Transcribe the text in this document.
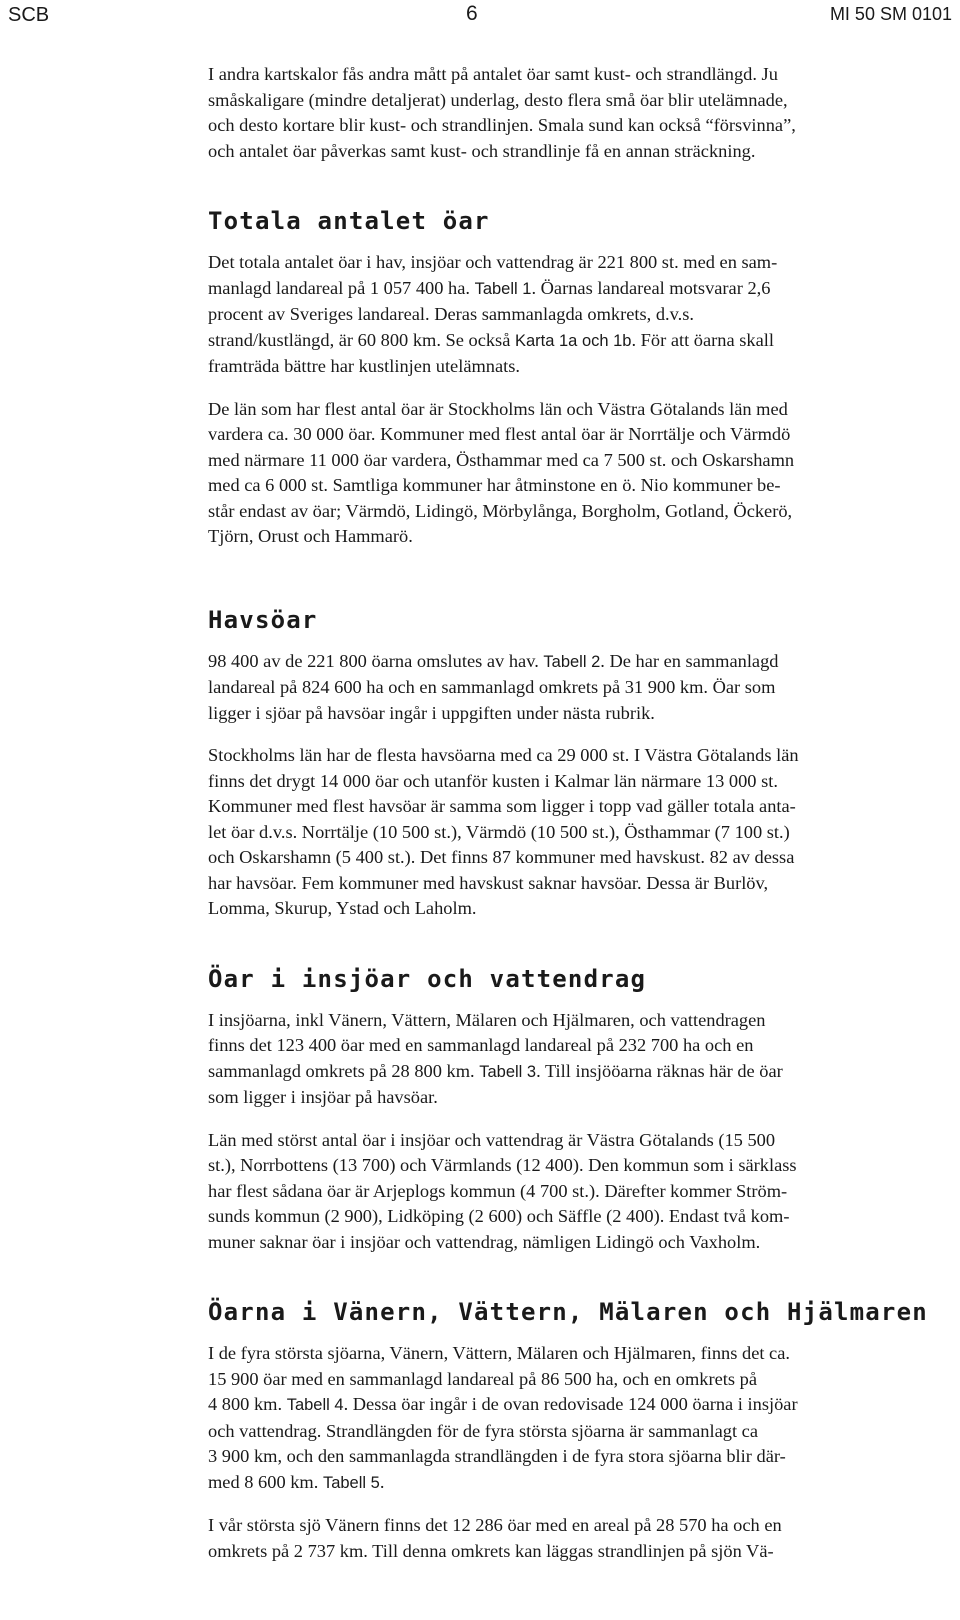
SCB	6	MI 50 SM 0101

I andra kartskalor fås andra mått på antalet öar samt kust- och strandlängd. Ju

småskaligare (mindre detaljerat) underlag, desto flera små öar blir utelämnade,

och desto kortare blir kust- och strandlinjen. Smala sund kan också “försvinna”,

och antalet öar påverkas samt kust- och strandlinje få en annan sträckning.

Totala antalet öar

Det totala antalet öar i hav, insjöar och vattendrag är 221 800 st. med en sam-

manlagd landareal på 1 057 400 ha. Tabell 1. Öarnas landareal motsvarar 2,6

procent av Sveriges landareal. Deras sammanlagda omkrets, d.v.s.

strand/kustlängd, är 60 800 km. Se också Karta 1a och 1b. För att öarna skall

framträda bättre har kustlinjen utelämnats.

De län som har flest antal öar är Stockholms län och Västra Götalands län med

vardera ca. 30 000 öar. Kommuner med flest antal öar är Norrtälje och Värmdö

med närmare 11 000 öar vardera, Östhammar med ca 7 500 st. och Oskarshamn

med ca 6 000 st. Samtliga kommuner har åtminstone en ö. Nio kommuner be-

står endast av öar; Värmdö, Lidingö, Mörbylånga, Borgholm, Gotland, Öckerö,

Tjörn, Orust och Hammarö.

Havsöar

98 400 av de 221 800 öarna omslutes av hav. Tabell 2. De har en sammanlagd

landareal på 824 600 ha och en sammanlagd omkrets på 31 900 km. Öar som

ligger i sjöar på havsöar ingår i uppgiften under nästa rubrik.

Stockholms län har de flesta havsöarna med ca 29 000 st. I Västra Götalands län

finns det drygt 14 000 öar och utanför kusten i Kalmar län närmare 13 000 st.

Kommuner med flest havsöar är samma som ligger i topp vad gäller totala anta-

let öar d.v.s. Norrtälje (10 500 st.), Värmdö (10 500 st.), Östhammar (7 100 st.)

och Oskarshamn (5 400 st.). Det finns 87 kommuner med havskust. 82 av dessa

har havsöar. Fem kommuner med havskust saknar havsöar. Dessa är Burlöv,

Lomma, Skurup, Ystad och Laholm.

Öar i insjöar och vattendrag

I insjöarna, inkl Vänern, Vättern, Mälaren och Hjälmaren, och vattendragen

finns det 123 400 öar med en sammanlagd landareal på 232 700 ha och en

sammanlagd omkrets på 28 800 km. Tabell 3. Till insjööarna räknas här de öar

som ligger i insjöar på havsöar.

Län med störst antal öar i insjöar och vattendrag är Västra Götalands (15 500

st.), Norrbottens (13 700) och Värmlands (12 400). Den kommun som i särklass

har flest sådana öar är Arjeplogs kommun (4 700 st.). Därefter kommer Ström-

sunds kommun (2 900), Lidköping (2 600) och Säffle (2 400). Endast två kom-

muner saknar öar i insjöar och vattendrag, nämligen Lidingö och Vaxholm.

Öarna i Vänern, Vättern, Mälaren och Hjälmaren

I de fyra största sjöarna, Vänern, Vättern, Mälaren och Hjälmaren, finns det ca.

15 900 öar med en sammanlagd landareal på 86 500 ha, och en omkrets på

4 800 km. Tabell 4. Dessa öar ingår i de ovan redovisade 124 000 öarna i insjöar

och vattendrag. Strandlängden för de fyra största sjöarna är sammanlagt ca

3 900 km, och den sammanlagda strandlängden i de fyra stora sjöarna blir där-

med 8 600 km. Tabell 5.

I vår största sjö Vänern finns det 12 286 öar med en areal på 28 570 ha och en

omkrets på 2 737 km. Till denna omkrets kan läggas strandlinjen på sjön Vä-
